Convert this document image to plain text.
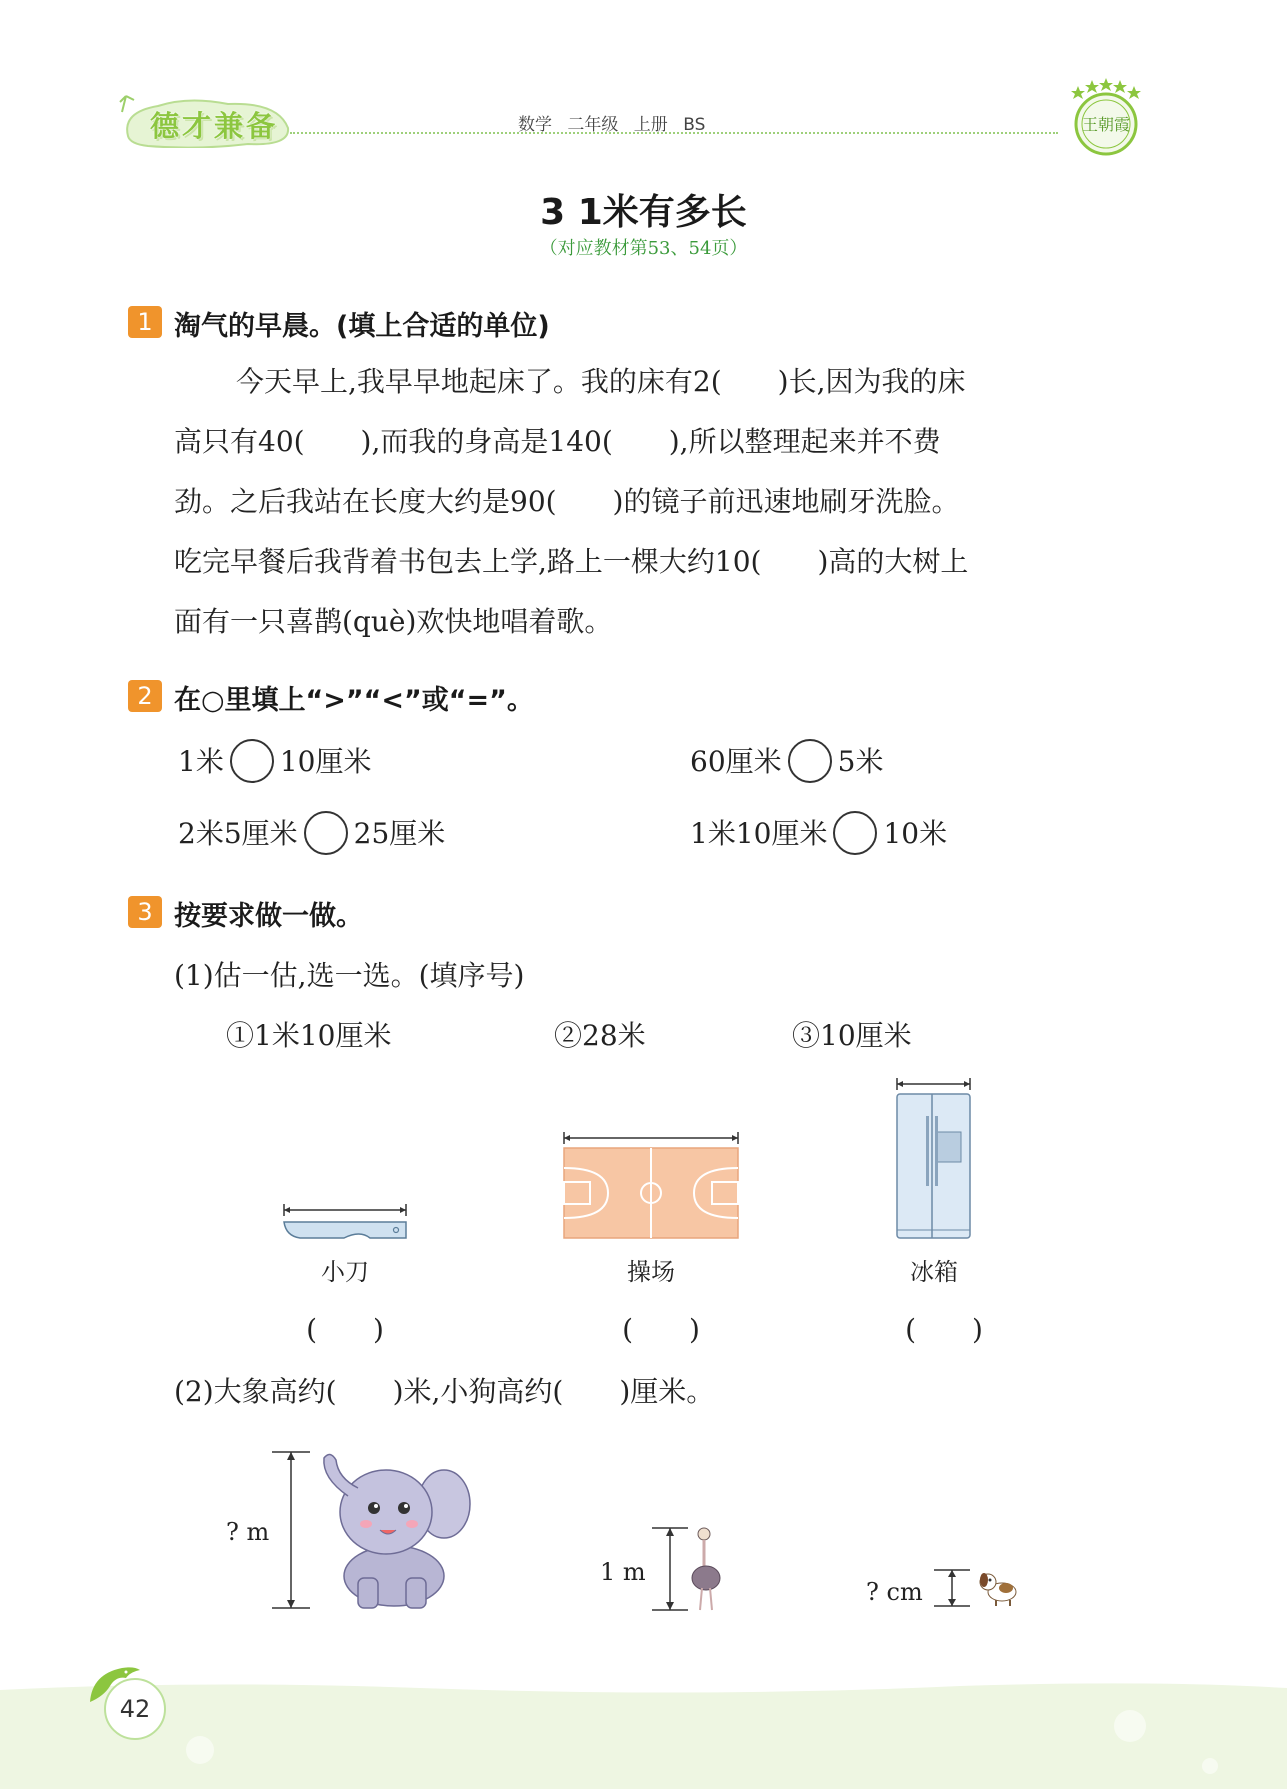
德才兼备	数学 二年级 上册 BS	王朝霞
3 1米有多长
（对应教材第53、54页）
1 淘气的早晨。(填上合适的单位)

今天早上,我早早地起床了。我的床有2(　　)长,因为我的床

高只有40(　　),而我的身高是140(　　),所以整理起来并不费

劲。之后我站在长度大约是90(　　)的镜子前迅速地刷牙洗脸。

吃完早餐后我背着书包去上学,路上一棵大约10(　　)高的大树上

面有一只喜鹊(què)欢快地唱着歌。

2 在○里填上“>”“<”或“=”。
1米 10厘米	60厘米 5米
2米5厘米 25厘米	1米10厘米 10米
3 按要求做一做。
(1)估一估,选一选。(填序号)
①1米10厘米	②28米	③10厘米
小刀	操场	冰箱
(　　)	(　　)	(　　)
(2)大象高约(　　)米,小狗高约(　　)厘米。
? m
1 m
? cm
42
